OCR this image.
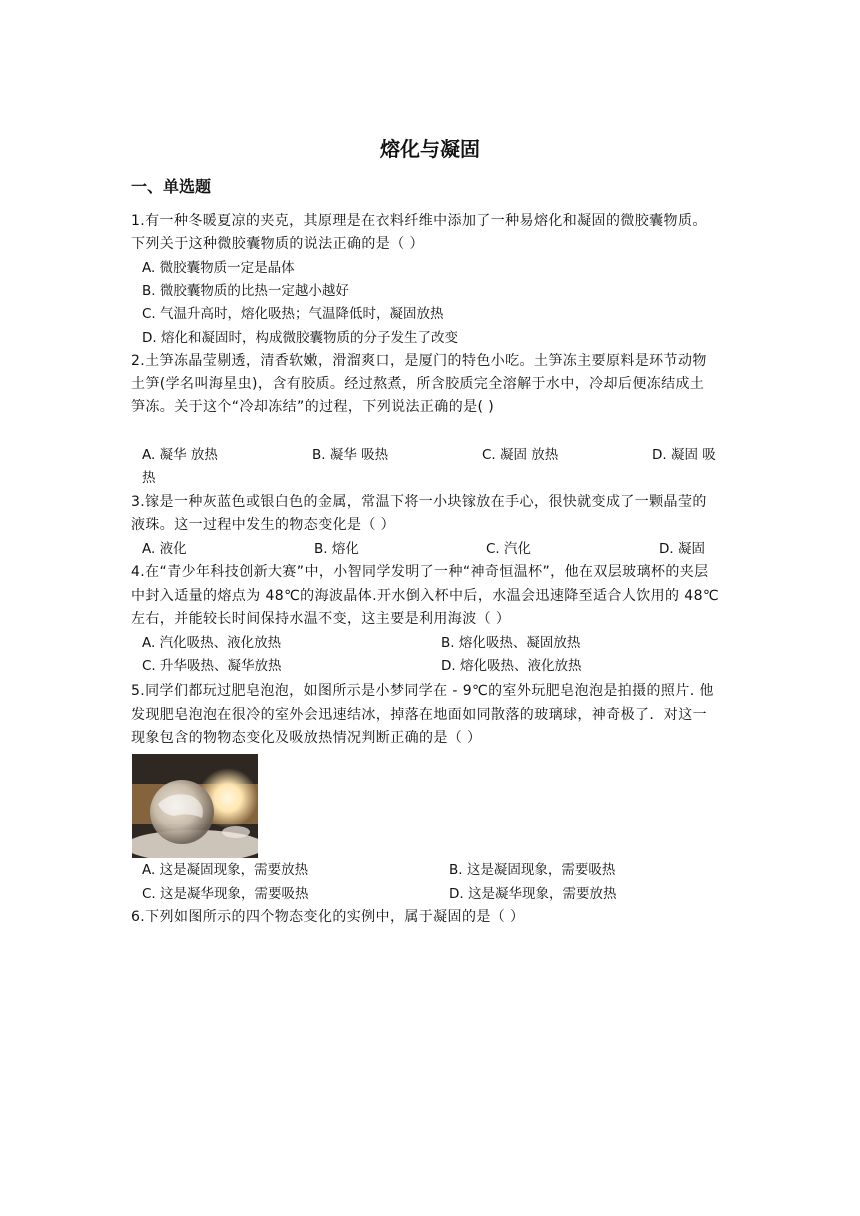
熔化与凝固
一、单选题
1.有一种冬暖夏凉的夹克，其原理是在衣料纤维中添加了一种易熔化和凝固的微胶囊物质。
下列关于这种微胶囊物质的说法正确的是（ ）
A. 微胶囊物质一定是晶体
B. 微胶囊物质的比热一定越小越好
C. 气温升高时，熔化吸热；气温降低时，凝固放热
D. 熔化和凝固时，构成微胶囊物质的分子发生了改变
2.土笋冻晶莹剔透，清香软嫩，滑溜爽口，是厦门的特色小吃。土笋冻主要原料是环节动物
土笋(学名叫海星虫)，含有胶质。经过熬煮，所含胶质完全溶解于水中，冷却后便冻结成土
笋冻。关于这个“冷却冻结”的过程，下列说法正确的是( )
A. 凝华 放热	B. 凝华 吸热	C. 凝固 放热	D. 凝固 吸
热
3.镓是一种灰蓝色或银白色的金属，常温下将一小块镓放在手心，很快就变成了一颗晶莹的
液珠。这一过程中发生的物态变化是（ ）
A. 液化	B. 熔化	C. 汽化	D. 凝固
4.在“青少年科技创新大赛”中，小智同学发明了一种“神奇恒温杯”，他在双层玻璃杯的夹层
中封入适量的熔点为 48℃的海波晶体.开水倒入杯中后，水温会迅速降至适合人饮用的 48℃
左右，并能较长时间保持水温不变，这主要是利用海波（ ）
A. 汽化吸热、液化放热	B. 熔化吸热、凝固放热
C. 升华吸热、凝华放热	D. 熔化吸热、液化放热
5.同学们都玩过肥皂泡泡，如图所示是小梦同学在 - 9℃的室外玩肥皂泡泡是拍摄的照片. 他
发现肥皂泡泡在很冷的室外会迅速结冰，掉落在地面如同散落的玻璃球，神奇极了．对这一
现象包含的物物态变化及吸放热情况判断正确的是（ ）
A. 这是凝固现象，需要放热	B. 这是凝固现象，需要吸热
C. 这是凝华现象，需要吸热	D. 这是凝华现象，需要放热
6.下列如图所示的四个物态变化的实例中，属于凝固的是（ ）
